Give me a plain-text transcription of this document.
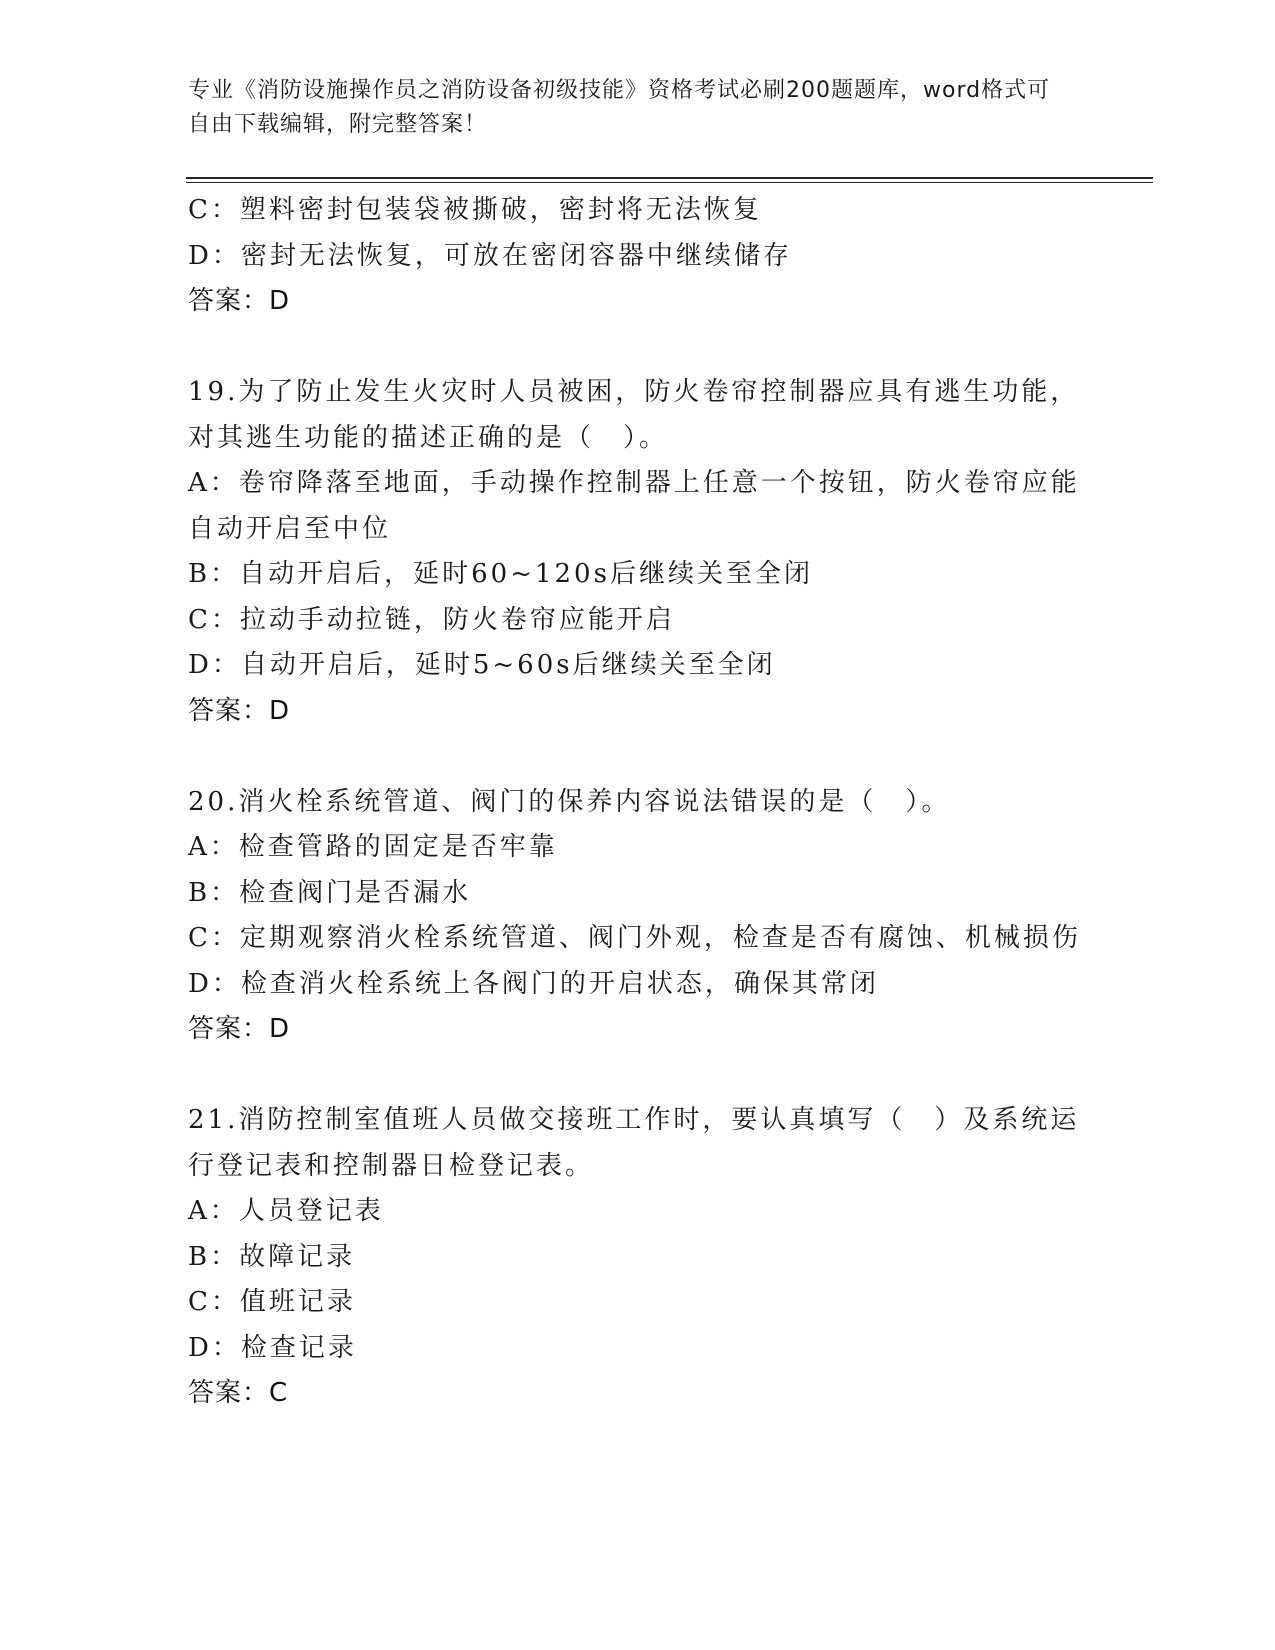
专业《消防设施操作员之消防设备初级技能》资格考试必刷200题题库，word格式可自由下载编辑，附完整答案！
C：塑料密封包装袋被撕破，密封将无法恢复
D：密封无法恢复，可放在密闭容器中继续储存
答案：D
19.为了防止发生火灾时人员被困，防火卷帘控制器应具有逃生功能，
对其逃生功能的描述正确的是（　）。
A：卷帘降落至地面，手动操作控制器上任意一个按钮，防火卷帘应能
自动开启至中位
B：自动开启后，延时60~120s后继续关至全闭
C：拉动手动拉链，防火卷帘应能开启
D：自动开启后，延时5~60s后继续关至全闭
答案：D
20.消火栓系统管道、阀门的保养内容说法错误的是（　）。
A：检查管路的固定是否牢靠
B：检查阀门是否漏水
C：定期观察消火栓系统管道、阀门外观，检查是否有腐蚀、机械损伤
D：检查消火栓系统上各阀门的开启状态，确保其常闭
答案：D
21.消防控制室值班人员做交接班工作时，要认真填写（　）及系统运
行登记表和控制器日检登记表。
A：人员登记表
B：故障记录
C：值班记录
D：检查记录
答案：C
